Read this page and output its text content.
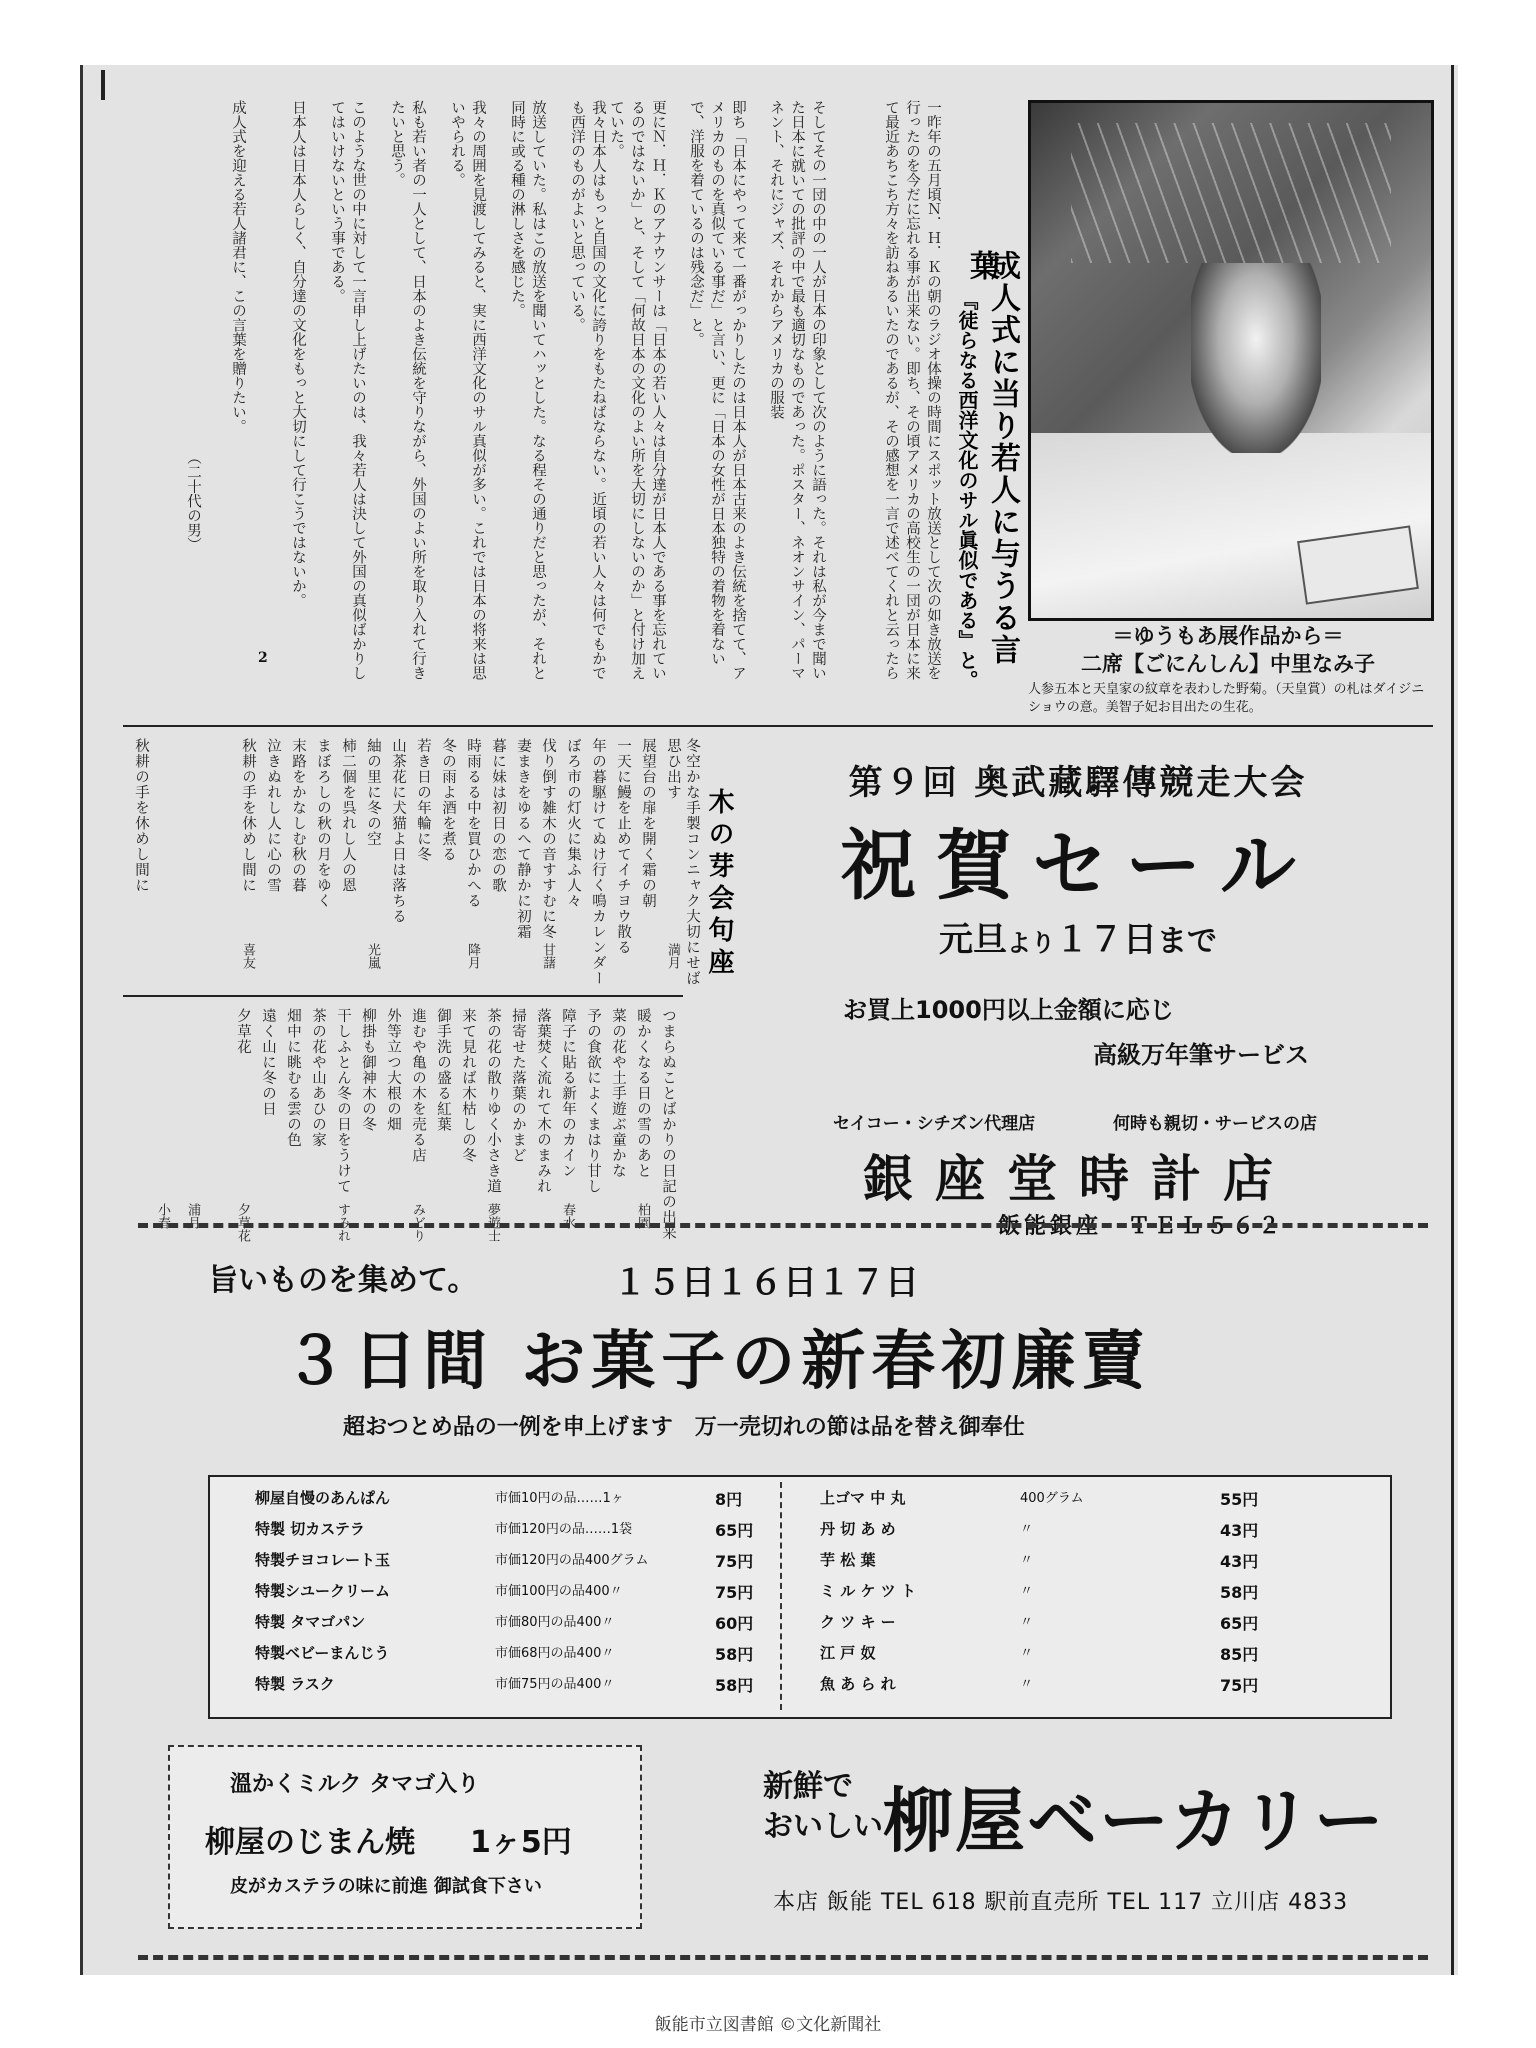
成人式に当り若人に与うる言葉
『徒らなる西洋文化のサル眞似である』と。
一昨年の五月頃Ｎ．Ｈ．Ｋの朝のラジオ体操の時間にスポット放送として次の如き放送を行ったのを今だに忘れる事が出来ない。即ち、その頃アメリカの高校生の一団が日本に来て最近あちこち方々を訪ねあるいたのであるが、その感想を一言で述べてくれと云ったら
そしてその一団の中の一人が日本の印象として次のように語った。それは私が今まで聞いた日本に就いての批評の中で最も適切なものであった。ポスター、ネオンサイン、パーマネント、それにジャズ、それからアメリカの服装
即ち「日本にやって来て一番がっかりしたのは日本人が日本古来のよき伝統を捨てて、アメリカのものを真似ている事だ」と言い、更に「日本の女性が日本独特の着物を着ないで、洋服を着ているのは残念だ」と。
更にＮ．Ｈ．Ｋのアナウンサーは「日本の若い人々は自分達が日本人である事を忘れているのではないか」と、そして「何故日本の文化のよい所を大切にしないのか」と付け加えていた。
我々日本人はもっと自国の文化に誇りをもたねばならない。近頃の若い人々は何でもかでも西洋のものがよいと思っている。
放送していた。私はこの放送を聞いてハッとした。なる程その通りだと思ったが、それと同時に或る種の淋しさを感じた。
我々の周囲を見渡してみると、実に西洋文化のサル真似が多い。これでは日本の将来は思いやられる。
私も若い者の一人として、日本のよき伝統を守りながら、外国のよい所を取り入れて行きたいと思う。
このような世の中に対して一言申し上げたいのは、我々若人は決して外国の真似ばかりしてはいけないという事である。
日本人は日本人らしく、自分達の文化をもっと大切にして行こうではないか。
成人式を迎える若人諸君に、この言葉を贈りたい。
（二十代の男）
2
＝ゆうもあ展作品から＝
二席【ごにんしん】中里なみ子
人参五本と天皇家の紋章を表わした野菊。（天皇賞）の札はダイジニショウの意。美智子妃お目出たの生花。
木の芽会句座
冬空かな手製コンニャク大切にせば思ひ出す
展望台の扉を開く霜の朝
一天に鰻を止めてイチヨウ散る
年の暮駆けてぬけ行く鳴カレンダー
ぼろ市の灯火に集ふ人々
伐り倒す雑木の音すすむに冬
妻まきをゆるへて静かに初霜
暮に妹は初日の恋の歌
時雨るる中を買ひかへる
冬の雨よ酒を煮る
若き日の年輪に冬
山茶花に犬猫よ日は落ちる
紬の里に冬の空
柿二個を呉れし人の恩
まぼろしの秋の月をゆく
末路をかなしむ秋の暮
泣きぬれし人に心の雪
秋耕の手を休めし間に
満月
甘藷
降月
光嵐
喜友
つまらぬことばかりの日記の出来
暖かくなる日の雪のあと
菜の花や土手遊ぶ童かな
予の食欲によくまはり甘し
障子に貼る新年のカイン
落葉焚く流れて木のまみれ
掃寄せた落葉のかまど
茶の花の散りゆく小さき道
来て見れば木枯しの冬
御手洗の盛る紅葉
進むや亀の木を売る店
外等立つ大根の畑
柳掛も御神木の冬
干しふとん冬の日をうけて
茶の花や山あひの家
畑中に眺むる雲の色
遠く山に冬の日
夕草花
柏園
春水
夢遊士
みどり
すみれ
夕草花
秋耕の手を休めし間に
浦月
小春
第９回 奥武藏驛傳競走大会
祝賀セール
元旦より１７日まで
お買上1000円以上金額に応じ
高級万年筆サービス
セイコー・シチズン代理店	何時も親切・サービスの店
銀座堂時計店
飯能銀座　ＴＥＬ５６２
旨いものを集めて。	１５日１６日１７日
３日間 お菓子の新春初廉賣
超おつとめ品の一例を申上げます　万一売切れの節は品を替え御奉仕
柳屋自慢のあんぱん	市価10円の品……1ヶ	8円
特製 切カステラ	市価120円の品……1袋	65円
特製チヨコレート玉	市価120円の品400グラム	75円
特製シユークリーム	市価100円の品400〃	75円
特製 タマゴパン	市価80円の品400〃	60円
特製ベビーまんじう	市価68円の品400〃	58円
特製 ラスク	市価75円の品400〃	58円
上ゴマ 中 丸	400グラム	55円
丹 切 あ め	〃	43円
芋 松 葉	〃	43円
ミ ル ケ ツ ト	〃	58円
ク ツ キ ー	〃	65円
江 戸 奴	〃	85円
魚 あ ら れ	〃	75円
溫かくミルク タマゴ入り
柳屋のじまん焼 1ヶ5円
皮がカステラの味に前進 御試食下さい
新鮮で
おいしい 柳屋ベーカリー
本店 飯能 TEL 618 駅前直売所 TEL 117 立川店 4833
飯能市立図書館 ©文化新聞社
